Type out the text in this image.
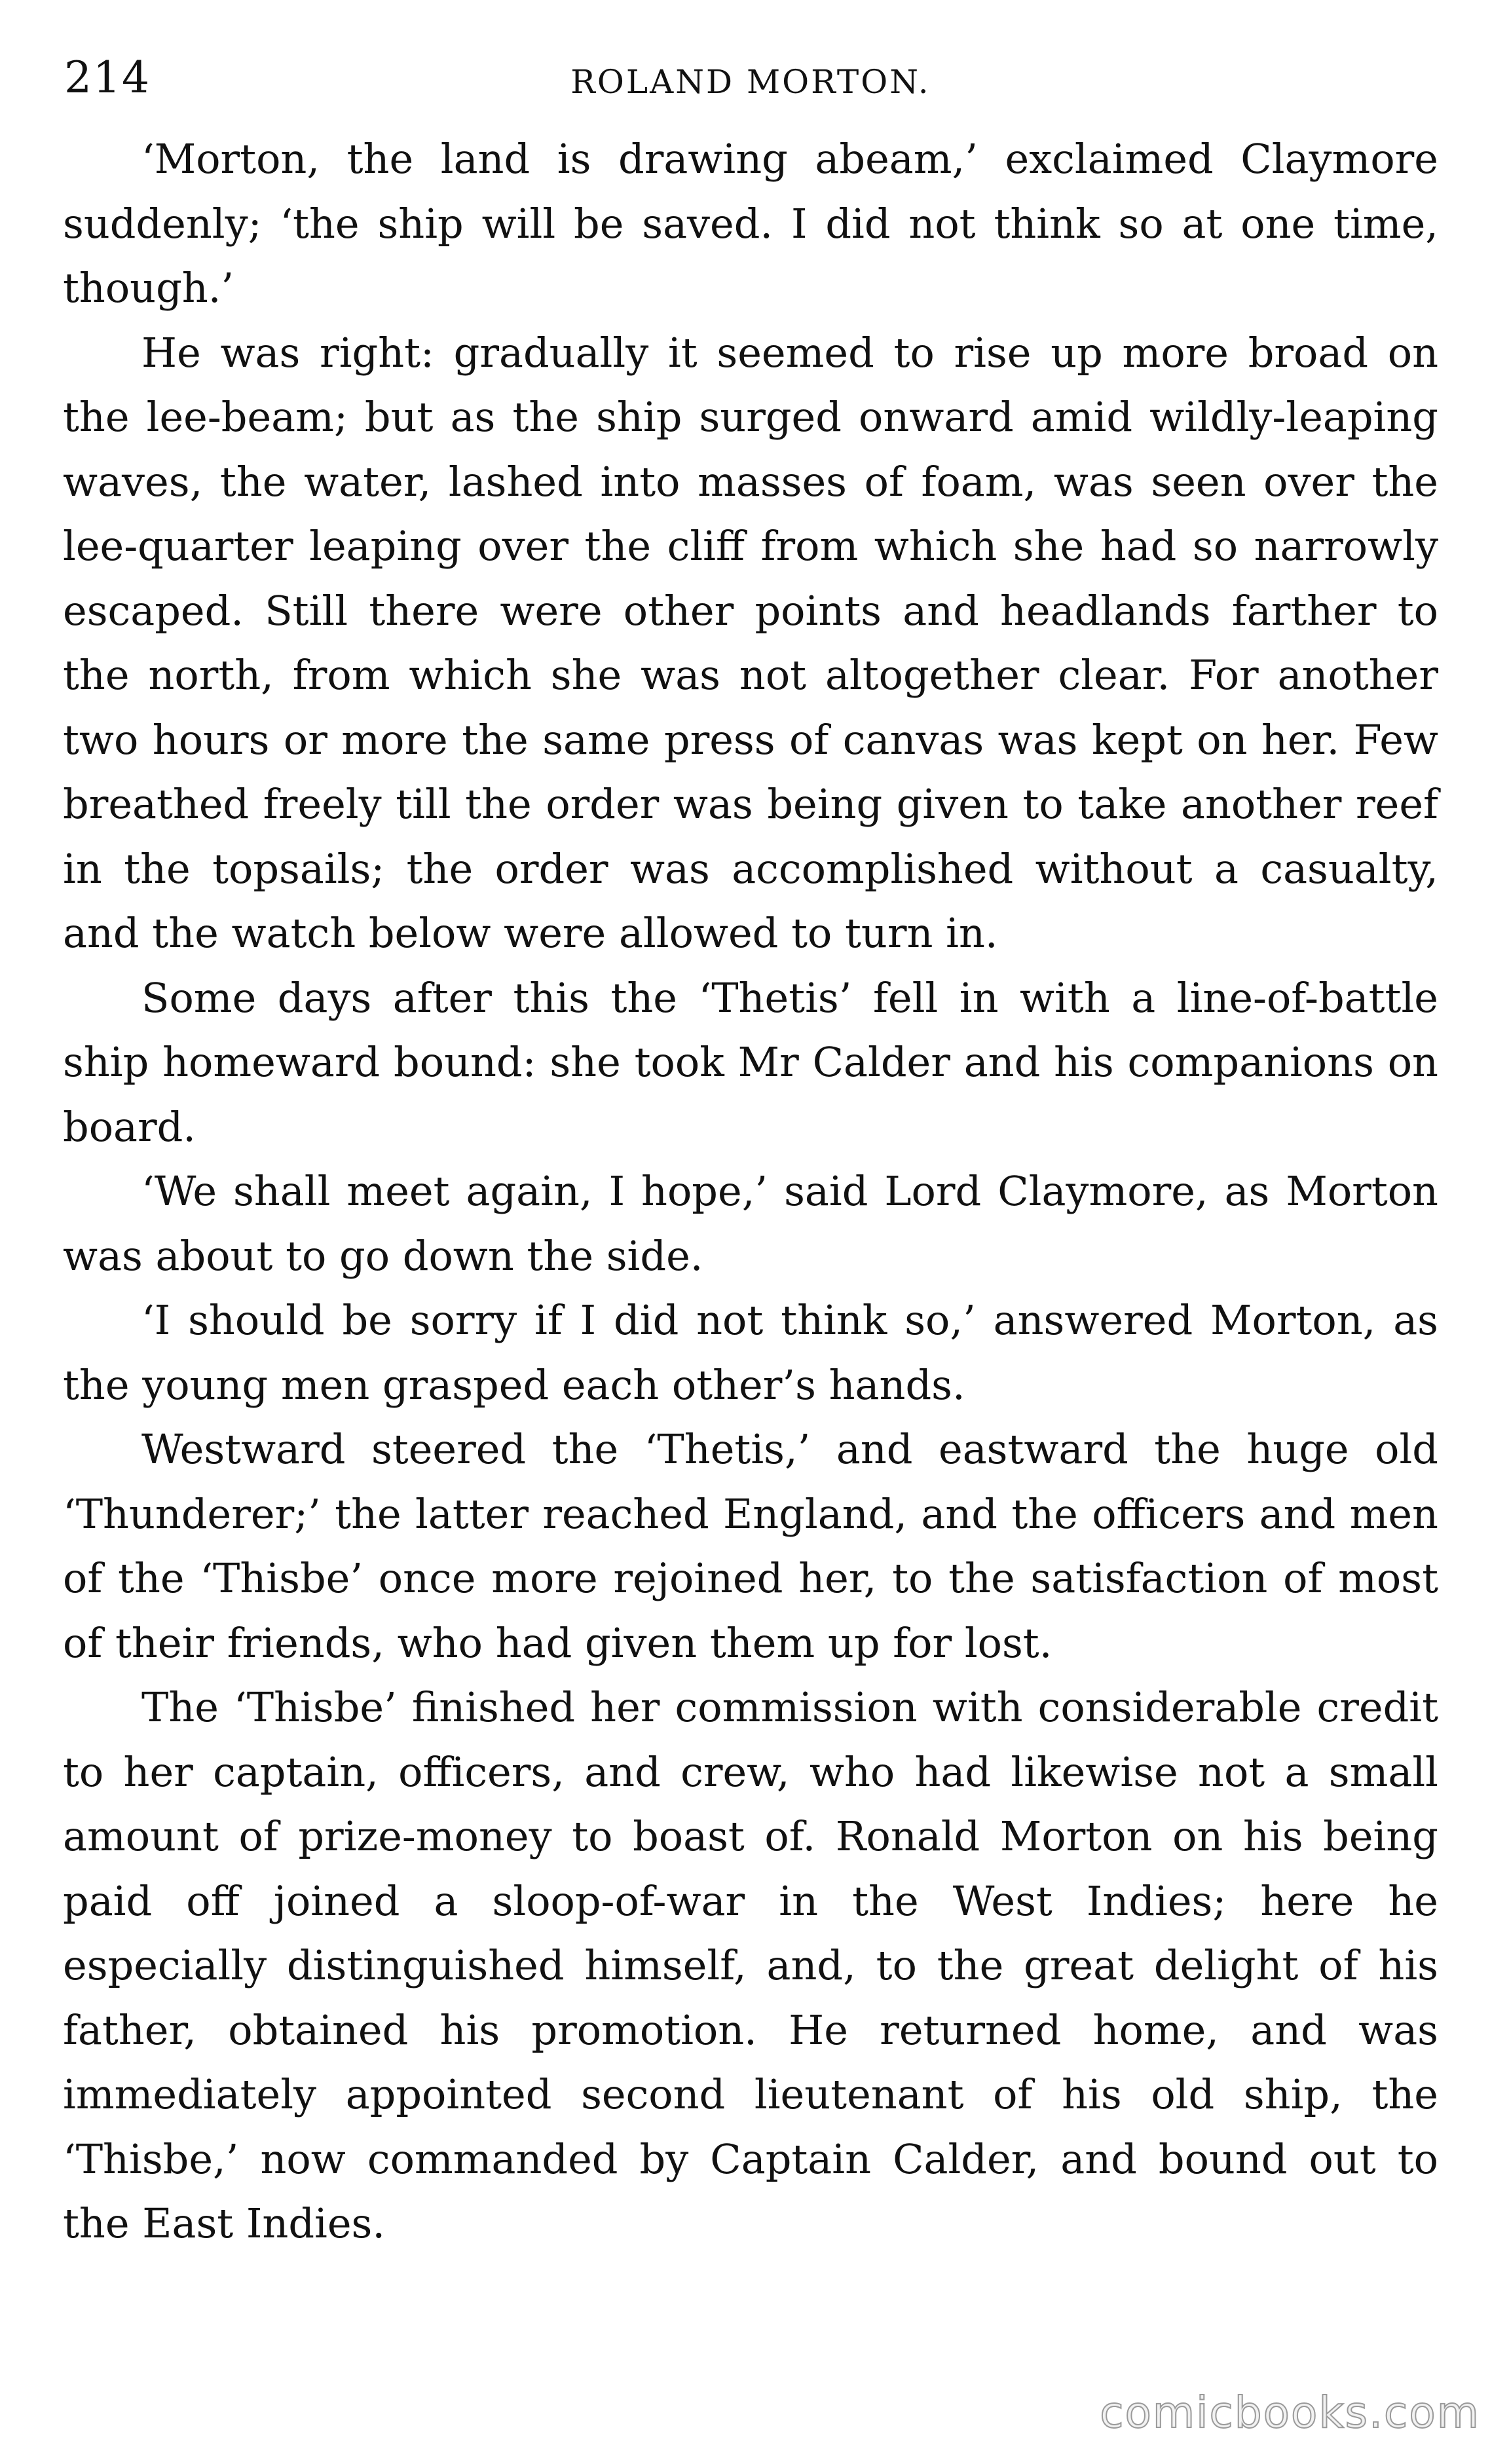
214	ROLAND MORTON.

‘Morton, the land is drawing abeam,’ exclaimed Claymore suddenly; ‘the ship will be saved. I did not think so at one time, though.’

He was right: gradually it seemed to rise up more broad on the lee-beam; but as the ship surged onward amid wildly-leaping waves, the water, lashed into masses of foam, was seen over the lee-quarter leaping over the cliff from which she had so narrowly escaped. Still there were other points and headlands farther to the north, from which she was not altogether clear. For another two hours or more the same press of canvas was kept on her. Few breathed freely till the order was being given to take another reef in the topsails; the order was accomplished without a casualty, and the watch below were allowed to turn in.

Some days after this the ‘Thetis’ fell in with a line-of-battle ship homeward bound: she took Mr Calder and his companions on board.

‘We shall meet again, I hope,’ said Lord Claymore, as Morton was about to go down the side.

‘I should be sorry if I did not think so,’ answered Morton, as the young men grasped each other’s hands.

Westward steered the ‘Thetis,’ and eastward the huge old ‘Thunderer;’ the latter reached England, and the officers and men of the ‘Thisbe’ once more rejoined her, to the satisfaction of most of their friends, who had given them up for lost.

The ‘Thisbe’ finished her commission with considerable credit to her captain, officers, and crew, who had likewise not a small amount of prize-money to boast of. Ronald Morton on his being paid off joined a sloop-of-war in the West Indies; here he especially distinguished himself, and, to the great delight of his father, obtained his promotion. He returned home, and was immediately appointed second lieutenant of his old ship, the ‘Thisbe,’ now commanded by Captain Calder, and bound out to the East Indies.

comicbooks.com
